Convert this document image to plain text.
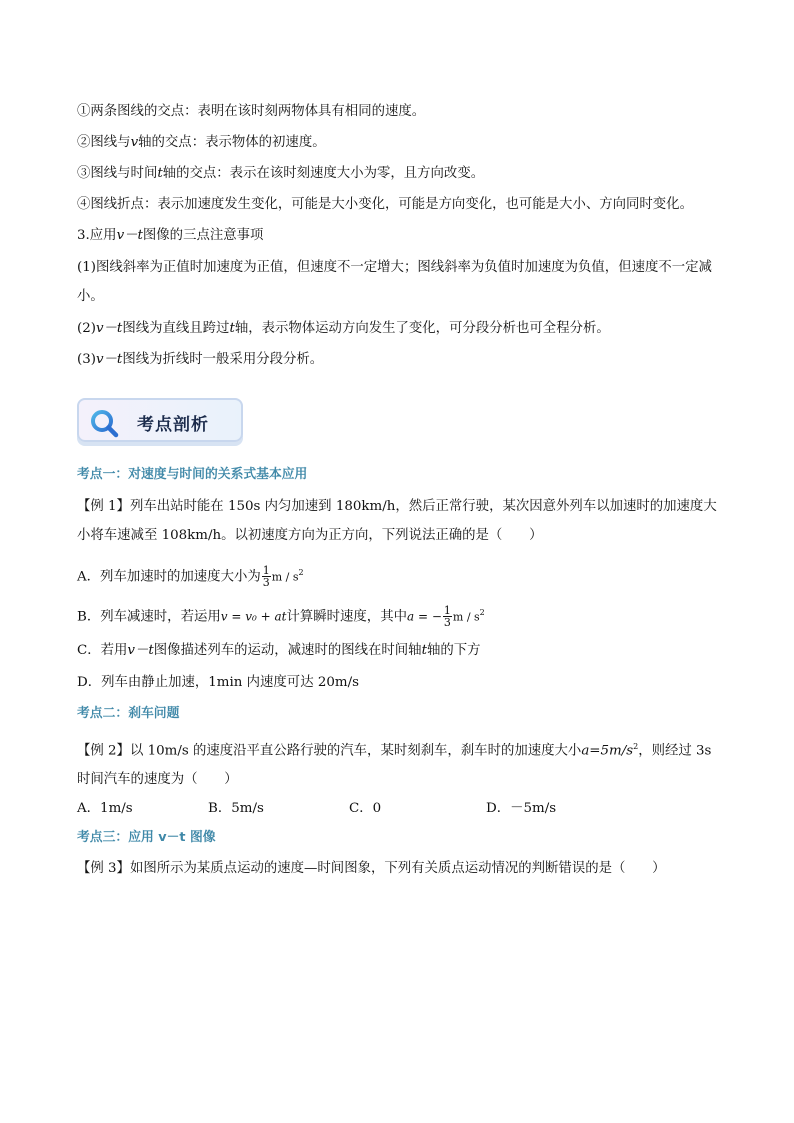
①两条图线的交点：表明在该时刻两物体具有相同的速度。
②图线与v轴的交点：表示物体的初速度。
③图线与时间t轴的交点：表示在该时刻速度大小为零，且方向改变。
④图线折点：表示加速度发生变化，可能是大小变化，可能是方向变化，也可能是大小、方向同时变化。
3.应用v－t图像的三点注意事项
(1)图线斜率为正值时加速度为正值，但速度不一定增大；图线斜率为负值时加速度为负值，但速度不一定减小。
(2)v－t图线为直线且跨过t轴，表示物体运动方向发生了变化，可分段分析也可全程分析。
(3)v－t图线为折线时一般采用分段分析。
考点剖析
考点一：对速度与时间的关系式基本应用
【例 1】列车出站时能在 150s 内匀加速到 180km/h，然后正常行驶，某次因意外列车以加速时的加速度大小将车速减至 108km/h。以初速度方向为正方向，下列说法正确的是（　　）
A．列车加速时的加速度大小为 $\frac{1}{3}$ m / $s^2$
B．列车减速时，若运用v = v₀ + at计算瞬时速度，其中a = − $\frac{1}{3}$ m / $s^2$
C．若用v－t图像描述列车的运动，减速时的图线在时间轴t轴的下方
D．列车由静止加速，1min 内速度可达 20m/s
考点二：刹车问题
【例 2】以 10m/s 的速度沿平直公路行驶的汽车，某时刻刹车，刹车时的加速度大小$a=5m/s^2$，则经过 3s 时间汽车的速度为（　　）
A．1m/s	B．5m/s	C．0	D．－5m/s
考点三：应用 v－t 图像
【例 3】如图所示为某质点运动的速度—时间图象，下列有关质点运动情况的判断错误的是（　　）
